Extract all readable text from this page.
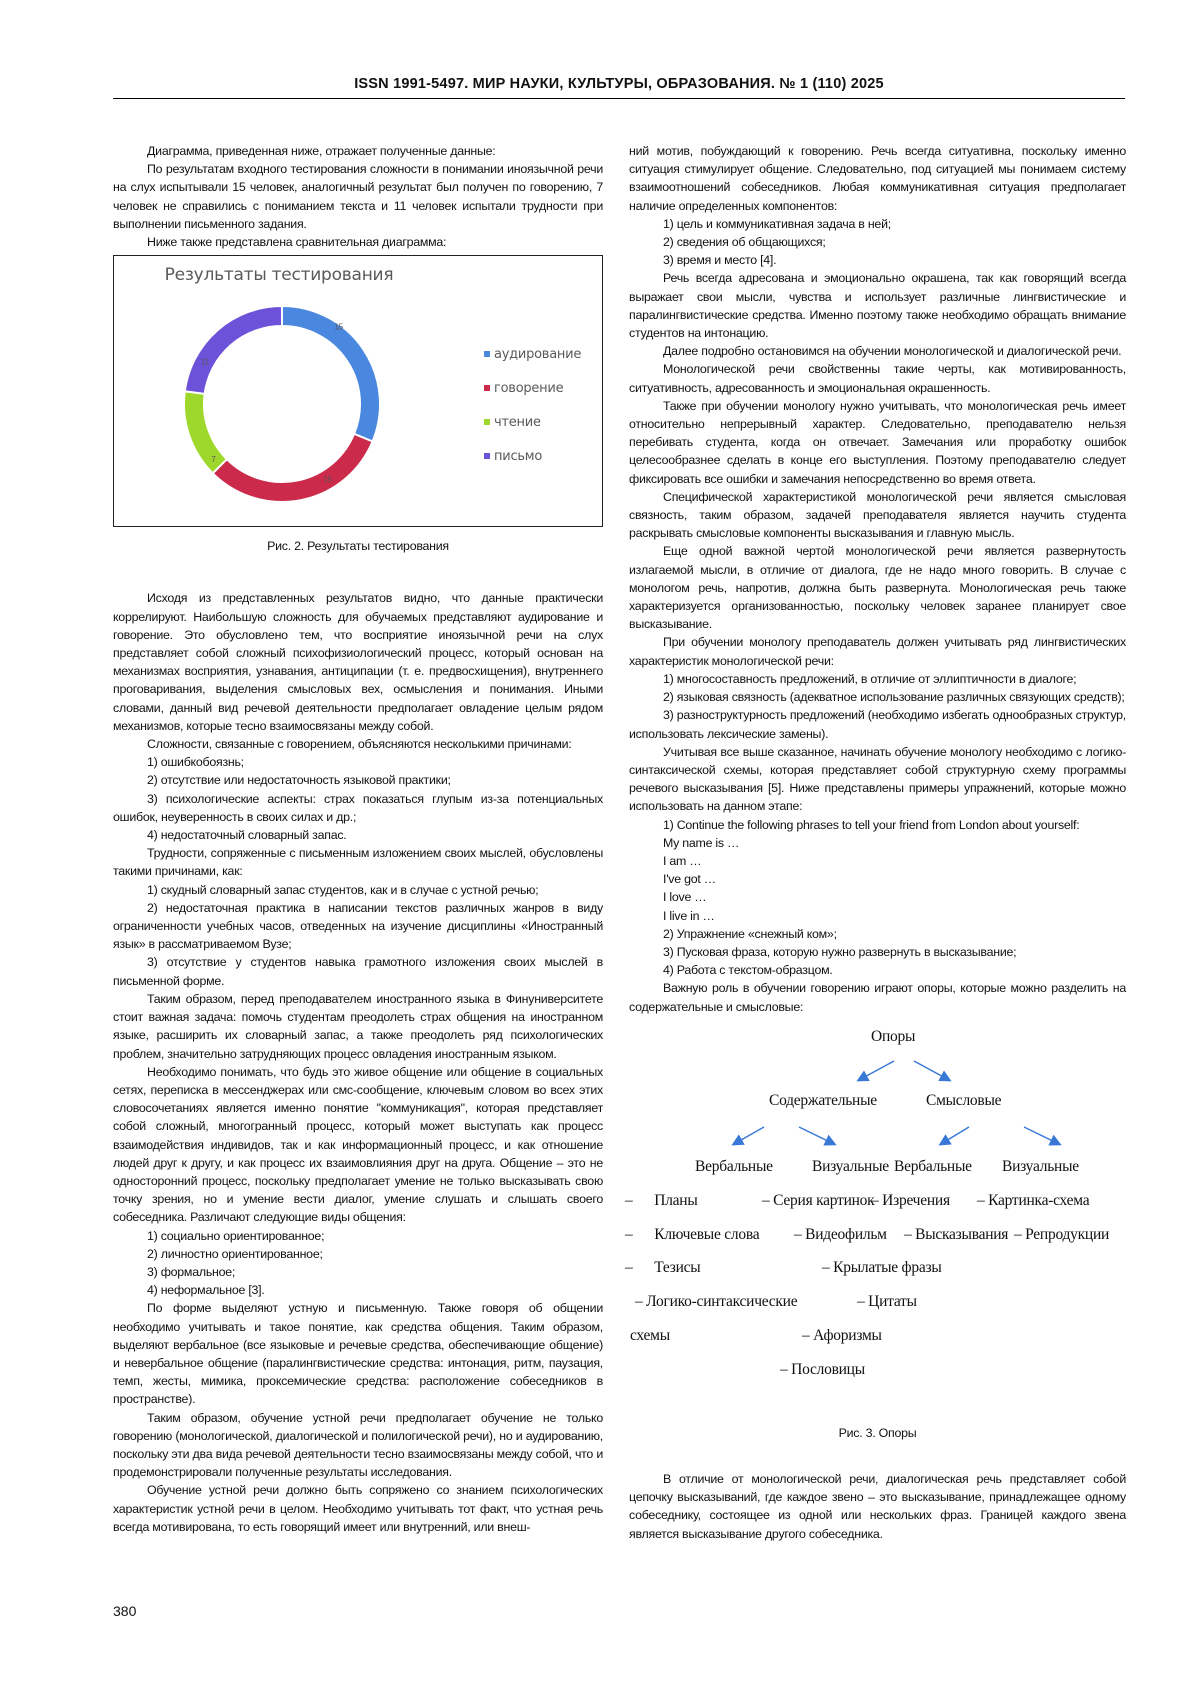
ISSN 1991-5497. МИР НАУКИ, КУЛЬТУРЫ, ОБРАЗОВАНИЯ. № 1 (110) 2025

Диаграмма, приведенная ниже, отражает полученные данные:

По результатам входного тестирования сложности в понимании иноязычной речи на слух испытывали 15 человек, аналогичный результат был получен по говорению, 7 человек не справились с пониманием текста и 11 человек испытали трудности при выполнении письменного задания.

Ниже также представлена сравнительная диаграмма:

Результаты тестирования
15
15
7
11
аудирование
говорение
чтение
письмо
Рис. 2. Результаты тестирования

Исходя из представленных результатов видно, что данные практически коррелируют. Наибольшую сложность для обучаемых представляют аудирование и говорение. Это обусловлено тем, что восприятие иноязычной речи на слух представляет собой сложный психофизиологический процесс, который основан на механизмах восприятия, узнавания, антиципации (т. е. предвосхищения), внутреннего проговаривания, выделения смысловых вех, осмысления и понимания. Иными словами, данный вид речевой деятельности предполагает овладение целым рядом механизмов, которые тесно взаимосвязаны между собой.

Сложности, связанные с говорением, объясняются несколькими причинами:

1) ошибкобоязнь;

2) отсутствие или недостаточность языковой практики;

3) психологические аспекты: страх показаться глупым из-за потенциальных ошибок, неуверенность в своих силах и др.;

4) недостаточный словарный запас.

Трудности, сопряженные с письменным изложением своих мыслей, обусловлены такими причинами, как:

1) скудный словарный запас студентов, как и в случае с устной речью;

2) недостаточная практика в написании текстов различных жанров в виду ограниченности учебных часов, отведенных на изучение дисциплины «Иностранный язык» в рассматриваемом Вузе;

3) отсутствие у студентов навыка грамотного изложения своих мыслей в письменной форме.

Таким образом, перед преподавателем иностранного языка в Финуниверситете стоит важная задача: помочь студентам преодолеть страх общения на иностранном языке, расширить их словарный запас, а также преодолеть ряд психологических проблем, значительно затрудняющих процесс овладения иностранным языком.

Необходимо понимать, что будь это живое общение или общение в социальных сетях, переписка в мессенджерах или смс-сообщение, ключевым словом во всех этих словосочетаниях является именно понятие "коммуникация", которая представляет собой сложный, многогранный процесс, который может выступать как процесс взаимодействия индивидов, так и как информационный процесс, и как отношение людей друг к другу, и как процесс их взаимовлияния друг на друга. Общение – это не односторонний процесс, поскольку предполагает умение не только высказывать свою точку зрения, но и умение вести диалог, умение слушать и слышать своего собеседника. Различают следующие виды общения:

1) социально ориентированное;

2) личностно ориентированное;

3) формальное;

4) неформальное [3].

По форме выделяют устную и письменную. Также говоря об общении необходимо учитывать и такое понятие, как средства общения. Таким образом, выделяют вербальное (все языковые и речевые средства, обеспечивающие общение) и невербальное общение (паралингвистические средства: интонация, ритм, паузация, темп, жесты, мимика, проксемические средства: расположение собеседников в пространстве).

Таким образом, обучение устной речи предполагает обучение не только говорению (монологической, диалогической и полилогической речи), но и аудированию, поскольку эти два вида речевой деятельности тесно взаимосвязаны между собой, что и продемонстрировали полученные результаты исследования.

Обучение устной речи должно быть сопряжено со знанием психологических характеристик устной речи в целом. Необходимо учитывать тот факт, что устная речь всегда мотивирована, то есть говорящий имеет или внутренний, или внеш-

ний мотив, побуждающий к говорению. Речь всегда ситуативна, поскольку именно ситуация стимулирует общение. Следовательно, под ситуацией мы понимаем систему взаимоотношений собеседников. Любая коммуникативная ситуация предполагает наличие определенных компонентов:

1) цель и коммуникативная задача в ней;

2) сведения об общающихся;

3) время и место [4].

Речь всегда адресована и эмоционально окрашена, так как говорящий всегда выражает свои мысли, чувства и использует различные лингвистические и паралингвистические средства. Именно поэтому также необходимо обращать внимание студентов на интонацию.

Далее подробно остановимся на обучении монологической и диалогической речи.

Монологической речи свойственны такие черты, как мотивированность, ситуативность, адресованность и эмоциональная окрашенность.

Также при обучении монологу нужно учитывать, что монологическая речь имеет относительно непрерывный характер. Следовательно, преподавателю нельзя перебивать студента, когда он отвечает. Замечания или проработку ошибок целесообразнее сделать в конце его выступления. Поэтому преподавателю следует фиксировать все ошибки и замечания непосредственно во время ответа.

Специфической характеристикой монологической речи является смысловая связность, таким образом, задачей преподавателя является научить студента раскрывать смысловые компоненты высказывания и главную мысль.

Еще одной важной чертой монологической речи является развернутость излагаемой мысли, в отличие от диалога, где не надо много говорить. В случае с монологом речь, напротив, должна быть развернута. Монологическая речь также характеризуется организованностью, поскольку человек заранее планирует свое высказывание.

При обучении монологу преподаватель должен учитывать ряд лингвистических характеристик монологической речи:

1) многосоставность предложений, в отличие от эллиптичности в диалоге;

2) языковая связность (адекватное использование различных связующих средств);

3) разноструктурность предложений (необходимо избегать однообразных структур, использовать лексические замены).

Учитывая все выше сказанное, начинать обучение монологу необходимо с логико-синтаксической схемы, которая представляет собой структурную схему программы речевого высказывания [5]. Ниже представлены примеры упражнений, которые можно использовать на данном этапе:

1) Continue the following phrases to tell your friend from London about yourself:

My name is …

I am …

I've got …

I love …

I live in …

2) Упражнение «снежный ком»;

3) Пусковая фраза, которую нужно развернуть в высказывание;

4) Работа с текстом-образцом.

Важную роль в обучении говорению играют опоры, которые можно разделить на содержательные и смысловые:

Опоры
Содержательные	Смысловые
Вербальные	Визуальные Вербальные Визуальные
–      Планы	– Серия картинок
– Изречения – Картинка-схема
–      Ключевые слова – Видеофильм – Высказывания – Репродукции
–      Тезисы	– Крылатые фразы
– Логико-синтаксические	– Цитаты
схемы	– Афоризмы
– Пословицы
Рис. 3. Опоры

В отличие от монологической речи, диалогическая речь представляет собой цепочку высказываний, где каждое звено – это высказывание, принадлежащее одному собеседнику, состоящее из одной или нескольких фраз. Границей каждого звена является высказывание другого собеседника.

380
